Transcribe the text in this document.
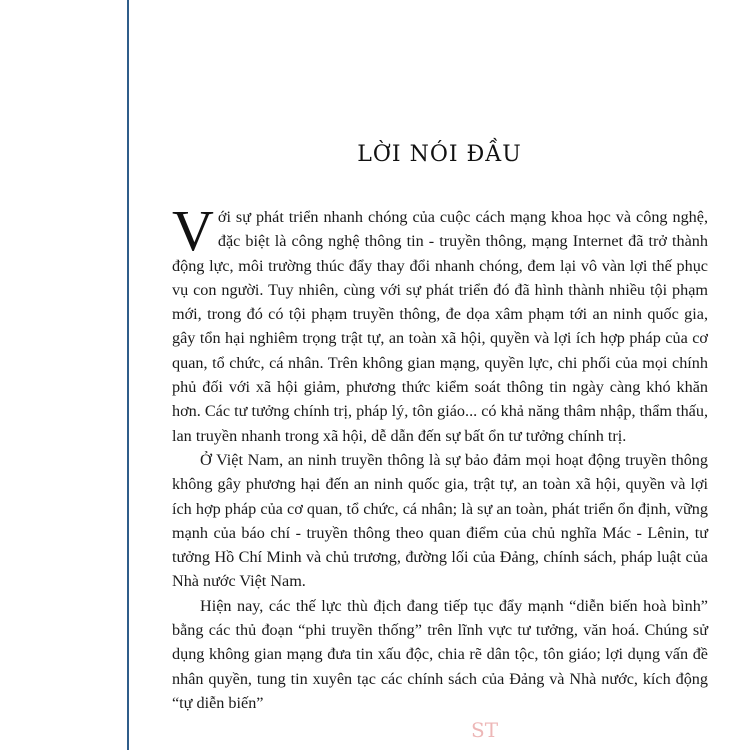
LỜI NÓI ĐẦU

Với sự phát triển nhanh chóng của cuộc cách mạng khoa học và công nghệ, đặc biệt là công nghệ thông tin - truyền thông, mạng Internet đã trở thành động lực, môi trường thúc đẩy thay đổi nhanh chóng, đem lại vô vàn lợi thế phục vụ con người. Tuy nhiên, cùng với sự phát triển đó đã hình thành nhiều tội phạm mới, trong đó có tội phạm truyền thông, đe dọa xâm phạm tới an ninh quốc gia, gây tổn hại nghiêm trọng trật tự, an toàn xã hội, quyền và lợi ích hợp pháp của cơ quan, tổ chức, cá nhân. Trên không gian mạng, quyền lực, chi phối của mọi chính phủ đối với xã hội giảm, phương thức kiểm soát thông tin ngày càng khó khăn hơn. Các tư tưởng chính trị, pháp lý, tôn giáo... có khả năng thâm nhập, thẩm thấu, lan truyền nhanh trong xã hội, dễ dẫn đến sự bất ổn tư tưởng chính trị.

Ở Việt Nam, an ninh truyền thông là sự bảo đảm mọi hoạt động truyền thông không gây phương hại đến an ninh quốc gia, trật tự, an toàn xã hội, quyền và lợi ích hợp pháp của cơ quan, tổ chức, cá nhân; là sự an toàn, phát triển ổn định, vững mạnh của báo chí - truyền thông theo quan điểm của chủ nghĩa Mác - Lênin, tư tưởng Hồ Chí Minh và chủ trương, đường lối của Đảng, chính sách, pháp luật của Nhà nước Việt Nam.

Hiện nay, các thế lực thù địch đang tiếp tục đẩy mạnh “diễn biến hoà bình” bằng các thủ đoạn “phi truyền thống” trên lĩnh vực tư tưởng, văn hoá. Chúng sử dụng không gian mạng đưa tin xấu độc, chia rẽ dân tộc, tôn giáo; lợi dụng vấn đề nhân quyền, tung tin xuyên tạc các chính sách của Đảng và Nhà nước, kích động “tự diễn biến”

ST
